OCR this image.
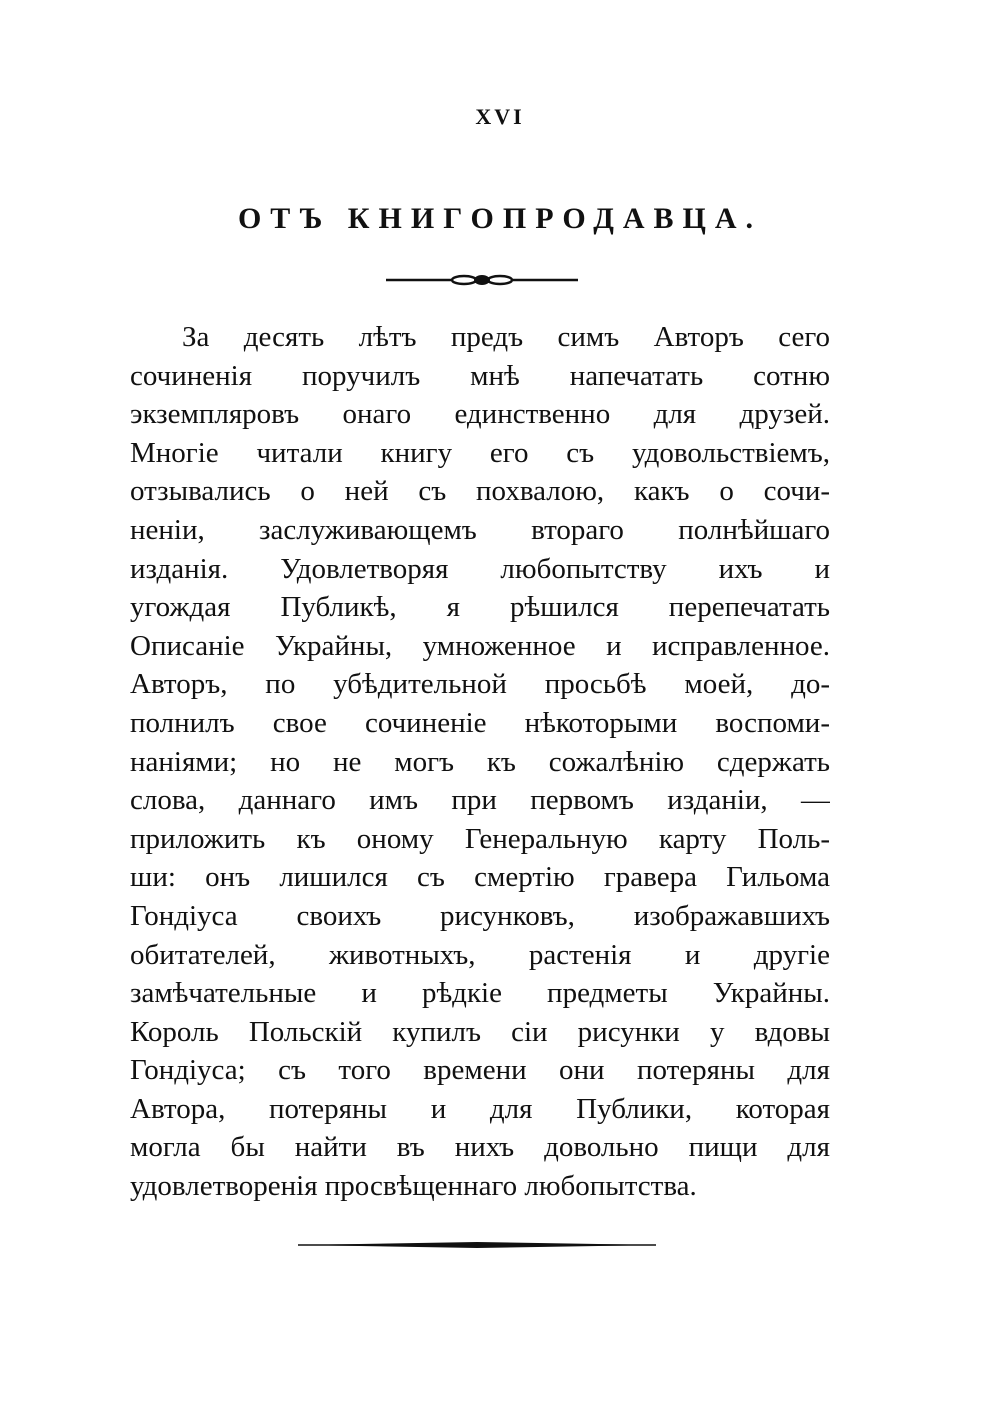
XVI
ОТЪ КНИГОПРОДАВЦА.
За десять лѣтъ предъ симъ Авторъ сего
сочиненія поручилъ мнѣ напечатать сотню
экземпляровъ онаго единственно для друзей.
Многіе читали книгу его съ удовольствіемъ,
отзывались о ней съ похвалою, какъ о сочи-
неніи, заслуживающемъ втораго полнѣйшаго
изданія. Удовлетворяя любопытству ихъ и
угождая Публикѣ, я рѣшился перепечатать
Описаніе Украйны, умноженное и исправленное.
Авторъ, по убѣдительной просьбѣ моей, до-
полнилъ свое сочиненіе нѣкоторыми воспоми-
наніями; но не могъ къ сожалѣнію сдержать
слова, даннаго имъ при первомъ изданіи, —
приложить къ оному Генеральную карту Поль-
ши: онъ лишился съ смертію гравера Гильома
Гондіуса своихъ рисунковъ, изображавшихъ
обитателей, животныхъ, растенія и другіе
замѣчательные и рѣдкіе предметы Украйны.
Король Польскій купилъ сіи рисунки у вдовы
Гондіуса; съ того времени они потеряны для
Автора, потеряны и для Публики, которая
могла бы найти въ нихъ довольно пищи для
удовлетворенія просвѣщеннаго любопытства.
